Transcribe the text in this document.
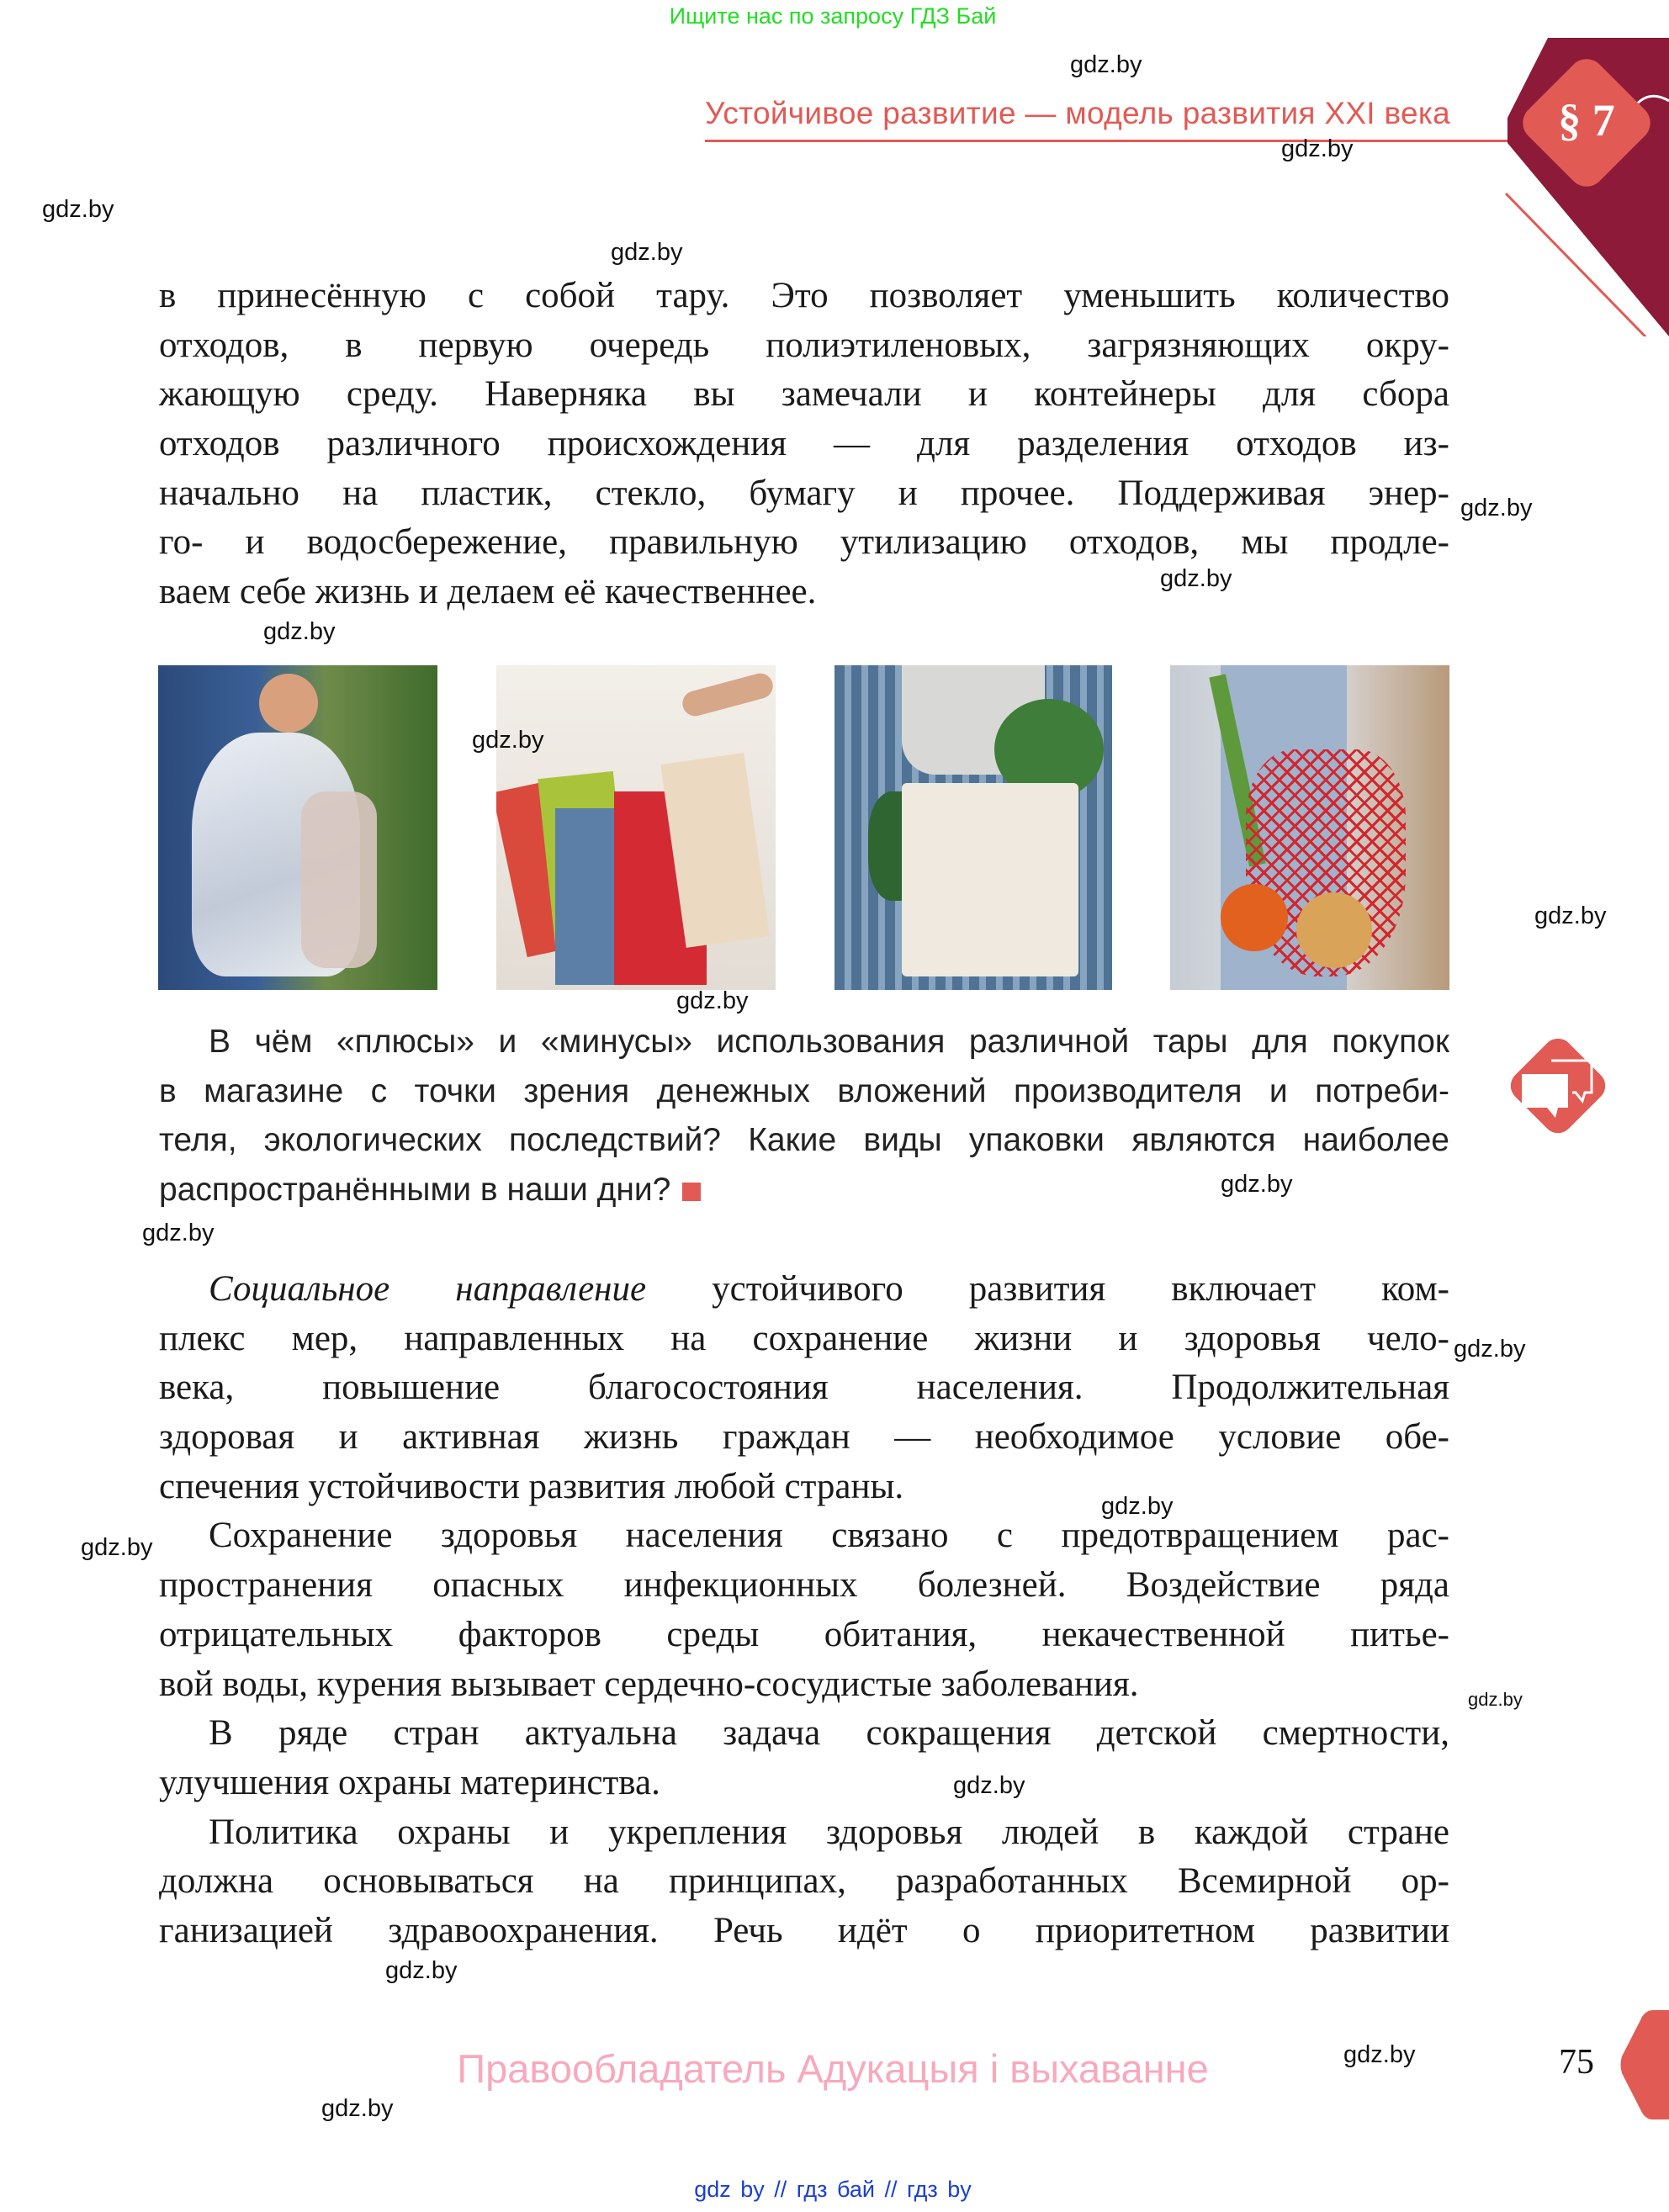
Ищите нас по запросу ГДЗ Бай
Устойчивое развитие — модель развития XXI века	§ 7
в принесённую с собой тару. Это позволяет уменьшить количество
отходов, в первую очередь полиэтиленовых, загрязняющих окру-
жающую среду. Наверняка вы замечали и контейнеры для сбора
отходов различного происхождения — для разделения отходов из-
начально на пластик, стекло, бумагу и прочее. Поддерживая энер-
го- и водосбережение, правильную утилизацию отходов, мы продле-
ваем себе жизнь и делаем её качественнее.
В чём «плюсы» и «минусы» использования различной тары для покупок
в магазине с точки зрения денежных вложений производителя и потреби-
теля, экологических последствий? Какие виды упаковки являются наиболее
распространёнными в наши дни?
Социальное направление устойчивого развития включает ком-
плекс мер, направленных на сохранение жизни и здоровья чело-
века, повышение благосостояния населения. Продолжительная
здоровая и активная жизнь граждан — необходимое условие обе-
спечения устойчивости развития любой страны.
Сохранение здоровья населения связано с предотвращением рас-
пространения опасных инфекционных болезней. Воздействие ряда
отрицательных факторов среды обитания, некачественной питье-
вой воды, курения вызывает сердечно-сосудистые заболевания.
В ряде стран актуальна задача сокращения детской смертности,
улучшения охраны материнства.
Политика охраны и укрепления здоровья людей в каждой стране
должна основываться на принципах, разработанных Всемирной ор-
ганизацией здравоохранения. Речь идёт о приоритетном развитии
gdz.by
gdz.by
gdz.by
gdz.by
gdz.by
gdz.by
gdz.by
gdz.by
gdz.by
gdz.by
gdz.by
gdz.by
gdz.by
gdz.by
gdz.by
gdz.by
gdz.by
gdz.by
gdz.by
gdz.by
Правообладатель Адукацыя і выхаванне	75
gdz by // гдз бай // гдз by
